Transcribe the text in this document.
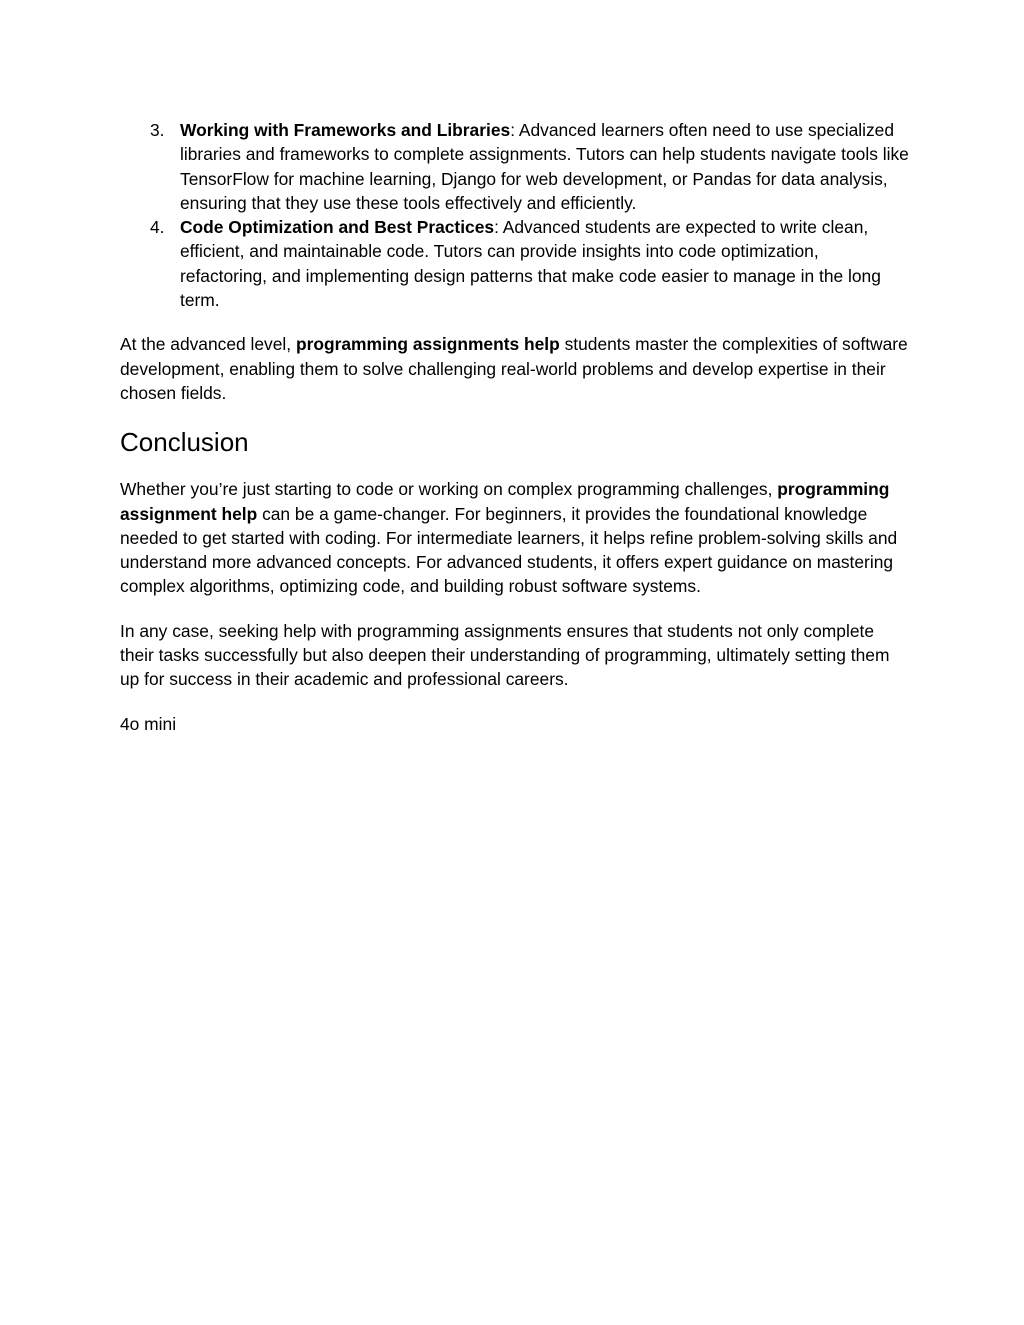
3. Working with Frameworks and Libraries: Advanced learners often need to use specialized libraries and frameworks to complete assignments. Tutors can help students navigate tools like TensorFlow for machine learning, Django for web development, or Pandas for data analysis, ensuring that they use these tools effectively and efficiently.
4. Code Optimization and Best Practices: Advanced students are expected to write clean, efficient, and maintainable code. Tutors can provide insights into code optimization, refactoring, and implementing design patterns that make code easier to manage in the long term.

At the advanced level, programming assignments help students master the complexities of software development, enabling them to solve challenging real-world problems and develop expertise in their chosen fields.

Conclusion

Whether you’re just starting to code or working on complex programming challenges, programming assignment help can be a game-changer. For beginners, it provides the foundational knowledge needed to get started with coding. For intermediate learners, it helps refine problem-solving skills and understand more advanced concepts. For advanced students, it offers expert guidance on mastering complex algorithms, optimizing code, and building robust software systems.

In any case, seeking help with programming assignments ensures that students not only complete their tasks successfully but also deepen their understanding of programming, ultimately setting them up for success in their academic and professional careers.

4o mini
